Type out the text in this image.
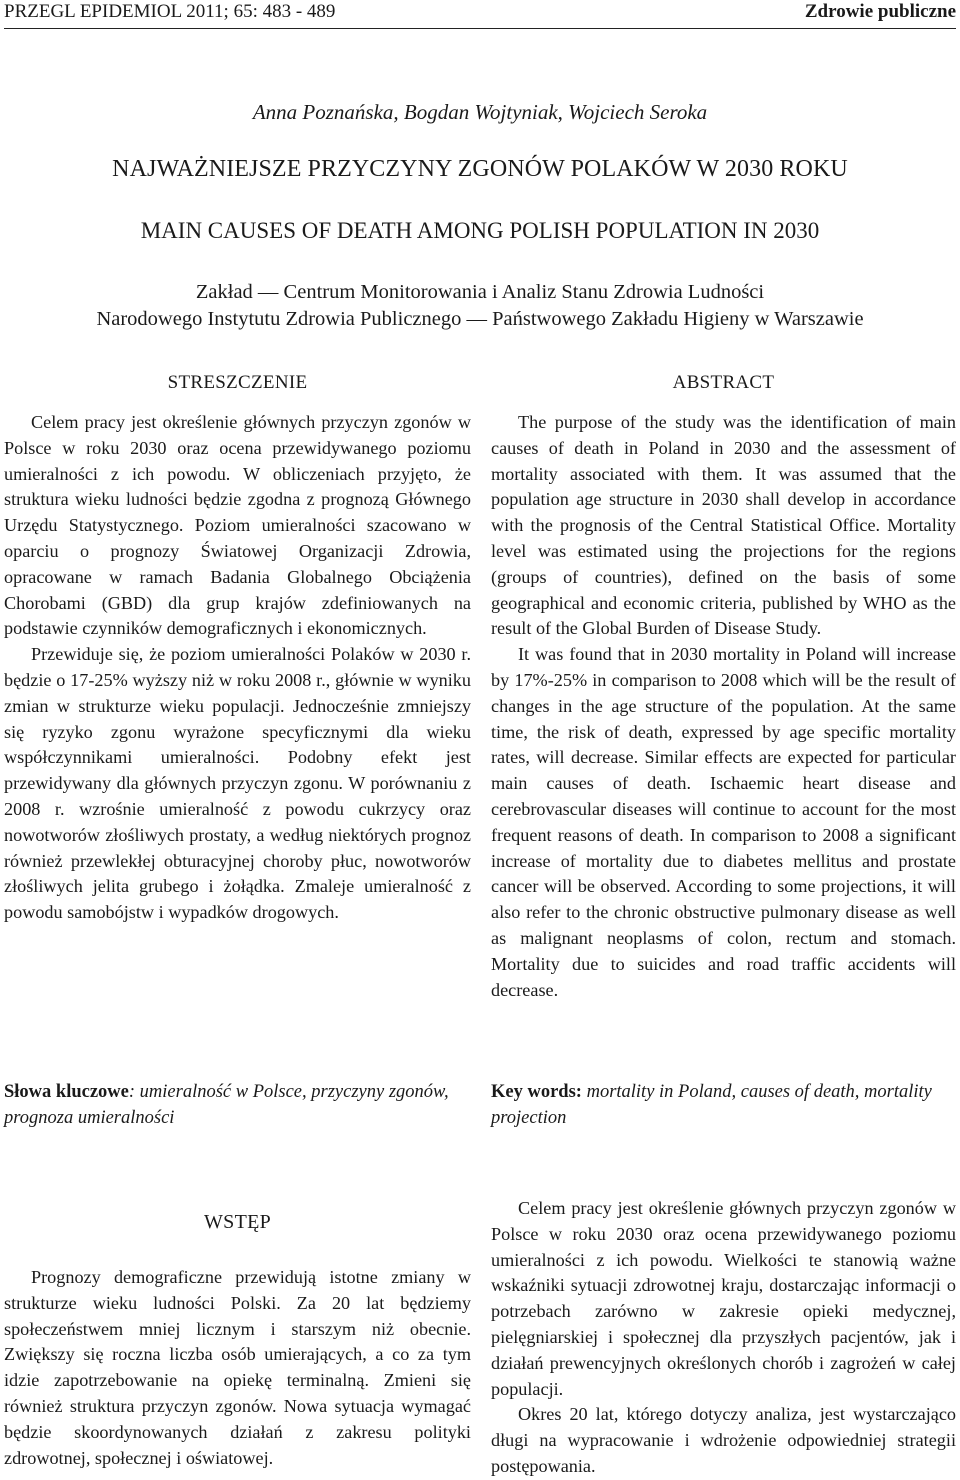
PRZEGL EPIDEMIOL 2011; 65: 483 - 489	Zdrowie publiczne
Anna Poznańska, Bogdan Wojtyniak, Wojciech Seroka
NAJWAŻNIEJSZE PRZYCZYNY ZGONÓW POLAKÓW W 2030 ROKU
MAIN CAUSES OF DEATH AMONG POLISH POPULATION IN 2030
Zakład — Centrum Monitorowania i Analiz Stanu Zdrowia Ludności
Narodowego Instytutu Zdrowia Publicznego — Państwowego Zakładu Higieny w Warszawie
STRESZCZENIE

Celem pracy jest określenie głównych przyczyn zgonów w Polsce w roku 2030 oraz ocena przewidywanego poziomu umieralności z ich powodu. W obliczeniach przyjęto, że struktura wieku ludności będzie zgodna z prognozą Głównego Urzędu Statystycznego. Poziom umieralności szacowano w oparciu o prognozy Światowej Organizacji Zdrowia, opracowane w ramach Badania Globalnego Obciążenia Chorobami (GBD) dla grup krajów zdefiniowanych na podstawie czynników demograficznych i ekonomicznych.

Przewiduje się, że poziom umieralności Polaków w 2030 r. będzie o 17-25% wyższy niż w roku 2008 r., głównie w wyniku zmian w strukturze wieku populacji. Jednocześnie zmniejszy się ryzyko zgonu wyrażone specyficznymi dla wieku współczynnikami umieralności. Podobny efekt jest przewidywany dla głównych przyczyn zgonu. W porównaniu z 2008 r. wzrośnie umieralność z powodu cukrzycy oraz nowotworów złośliwych prostaty, a według niektórych prognoz również przewlekłej obturacyjnej choroby płuc, nowotworów złośliwych jelita grubego i żołądka. Zmaleje umieralność z powodu samobójstw i wypadków drogowych.

ABSTRACT

The purpose of the study was the identification of main causes of death in Poland in 2030 and the assessment of mortality associated with them. It was assumed that the population age structure in 2030 shall develop in accordance with the prognosis of the Central Statistical Office. Mortality level was estimated using the projections for the regions (groups of countries), defined on the basis of some geographical and economic criteria, published by WHO as the result of the Global Burden of Disease Study.

It was found that in 2030 mortality in Poland will increase by 17%-25% in comparison to 2008 which will be the result of changes in the age structure of the population. At the same time, the risk of death, expressed by age specific mortality rates, will decrease. Similar effects are expected for particular main causes of death. Ischaemic heart disease and cerebrovascular diseases will continue to account for the most frequent reasons of death. In comparison to 2008 a significant increase of mortality due to diabetes mellitus and prostate cancer will be observed. According to some projections, it will also refer to the chronic obstructive pulmonary disease as well as malignant neoplasms of colon, rectum and stomach. Mortality due to suicides and road traffic accidents will decrease.

Słowa kluczowe: umieralność w Polsce, przyczyny zgonów, prognoza umieralności
Key words: mortality in Poland, causes of death, mortality projection
WSTĘP

Prognozy demograficzne przewidują istotne zmiany w strukturze wieku ludności Polski. Za 20 lat będziemy społeczeństwem mniej licznym i starszym niż obecnie. Zwiększy się roczna liczba osób umierających, a co za tym idzie zapotrzebowanie na opiekę terminalną. Zmieni się również struktura przyczyn zgonów. Nowa sytuacja wymagać będzie skoordynowanych działań z zakresu polityki zdrowotnej, społecznej i oświatowej.

Celem pracy jest określenie głównych przyczyn zgonów w Polsce w roku 2030 oraz ocena przewidywanego poziomu umieralności z ich powodu. Wielkości te stanowią ważne wskaźniki sytuacji zdrowotnej kraju, dostarczając informacji o potrzebach zarówno w zakresie opieki medycznej, pielęgniarskiej i społecznej dla przyszłych pacjentów, jak i działań prewencyjnych określonych chorób i zagrożeń w całej populacji.

Okres 20 lat, którego dotyczy analiza, jest wystarczająco długi na wypracowanie i wdrożenie odpowiedniej strategii postępowania.
